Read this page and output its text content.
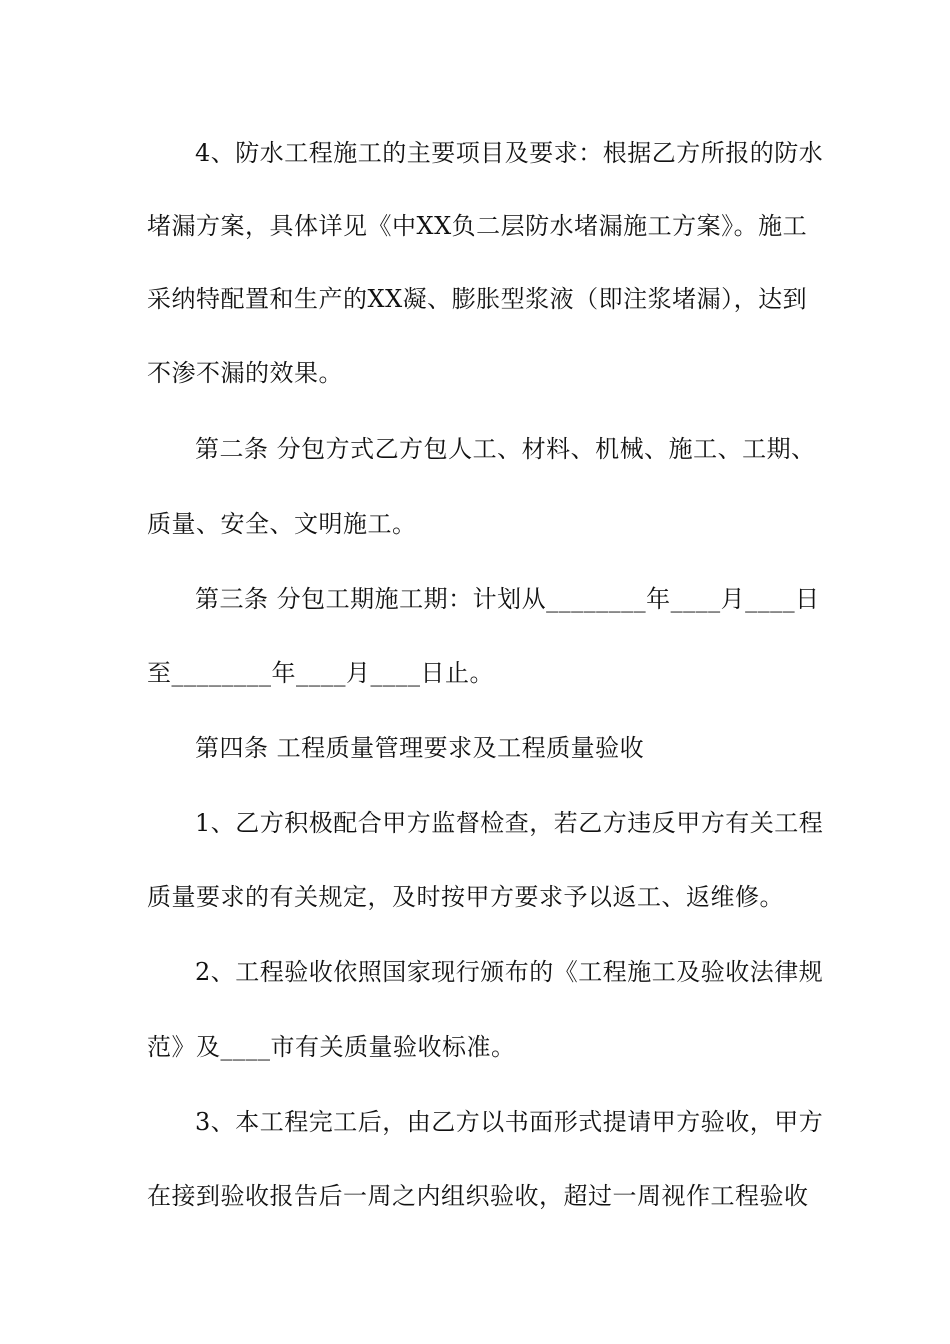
4、防水工程施工的主要项目及要求：根据乙方所报的防水
堵漏方案，具体详见《中XX负二层防水堵漏施工方案》。施工
采纳特配置和生产的XX凝、膨胀型浆液（即注浆堵漏），达到
不渗不漏的效果。
第二条 分包方式乙方包人工、材料、机械、施工、工期、
质量、安全、文明施工。
第三条 分包工期施工期：计划从________年____月____日
至________年____月____日止。
第四条 工程质量管理要求及工程质量验收
1、乙方积极配合甲方监督检查，若乙方违反甲方有关工程
质量要求的有关规定，及时按甲方要求予以返工、返维修。
2、工程验收依照国家现行颁布的《工程施工及验收法律规
范》及____市有关质量验收标准。
3、本工程完工后，由乙方以书面形式提请甲方验收，甲方
在接到验收报告后一周之内组织验收，超过一周视作工程验收
